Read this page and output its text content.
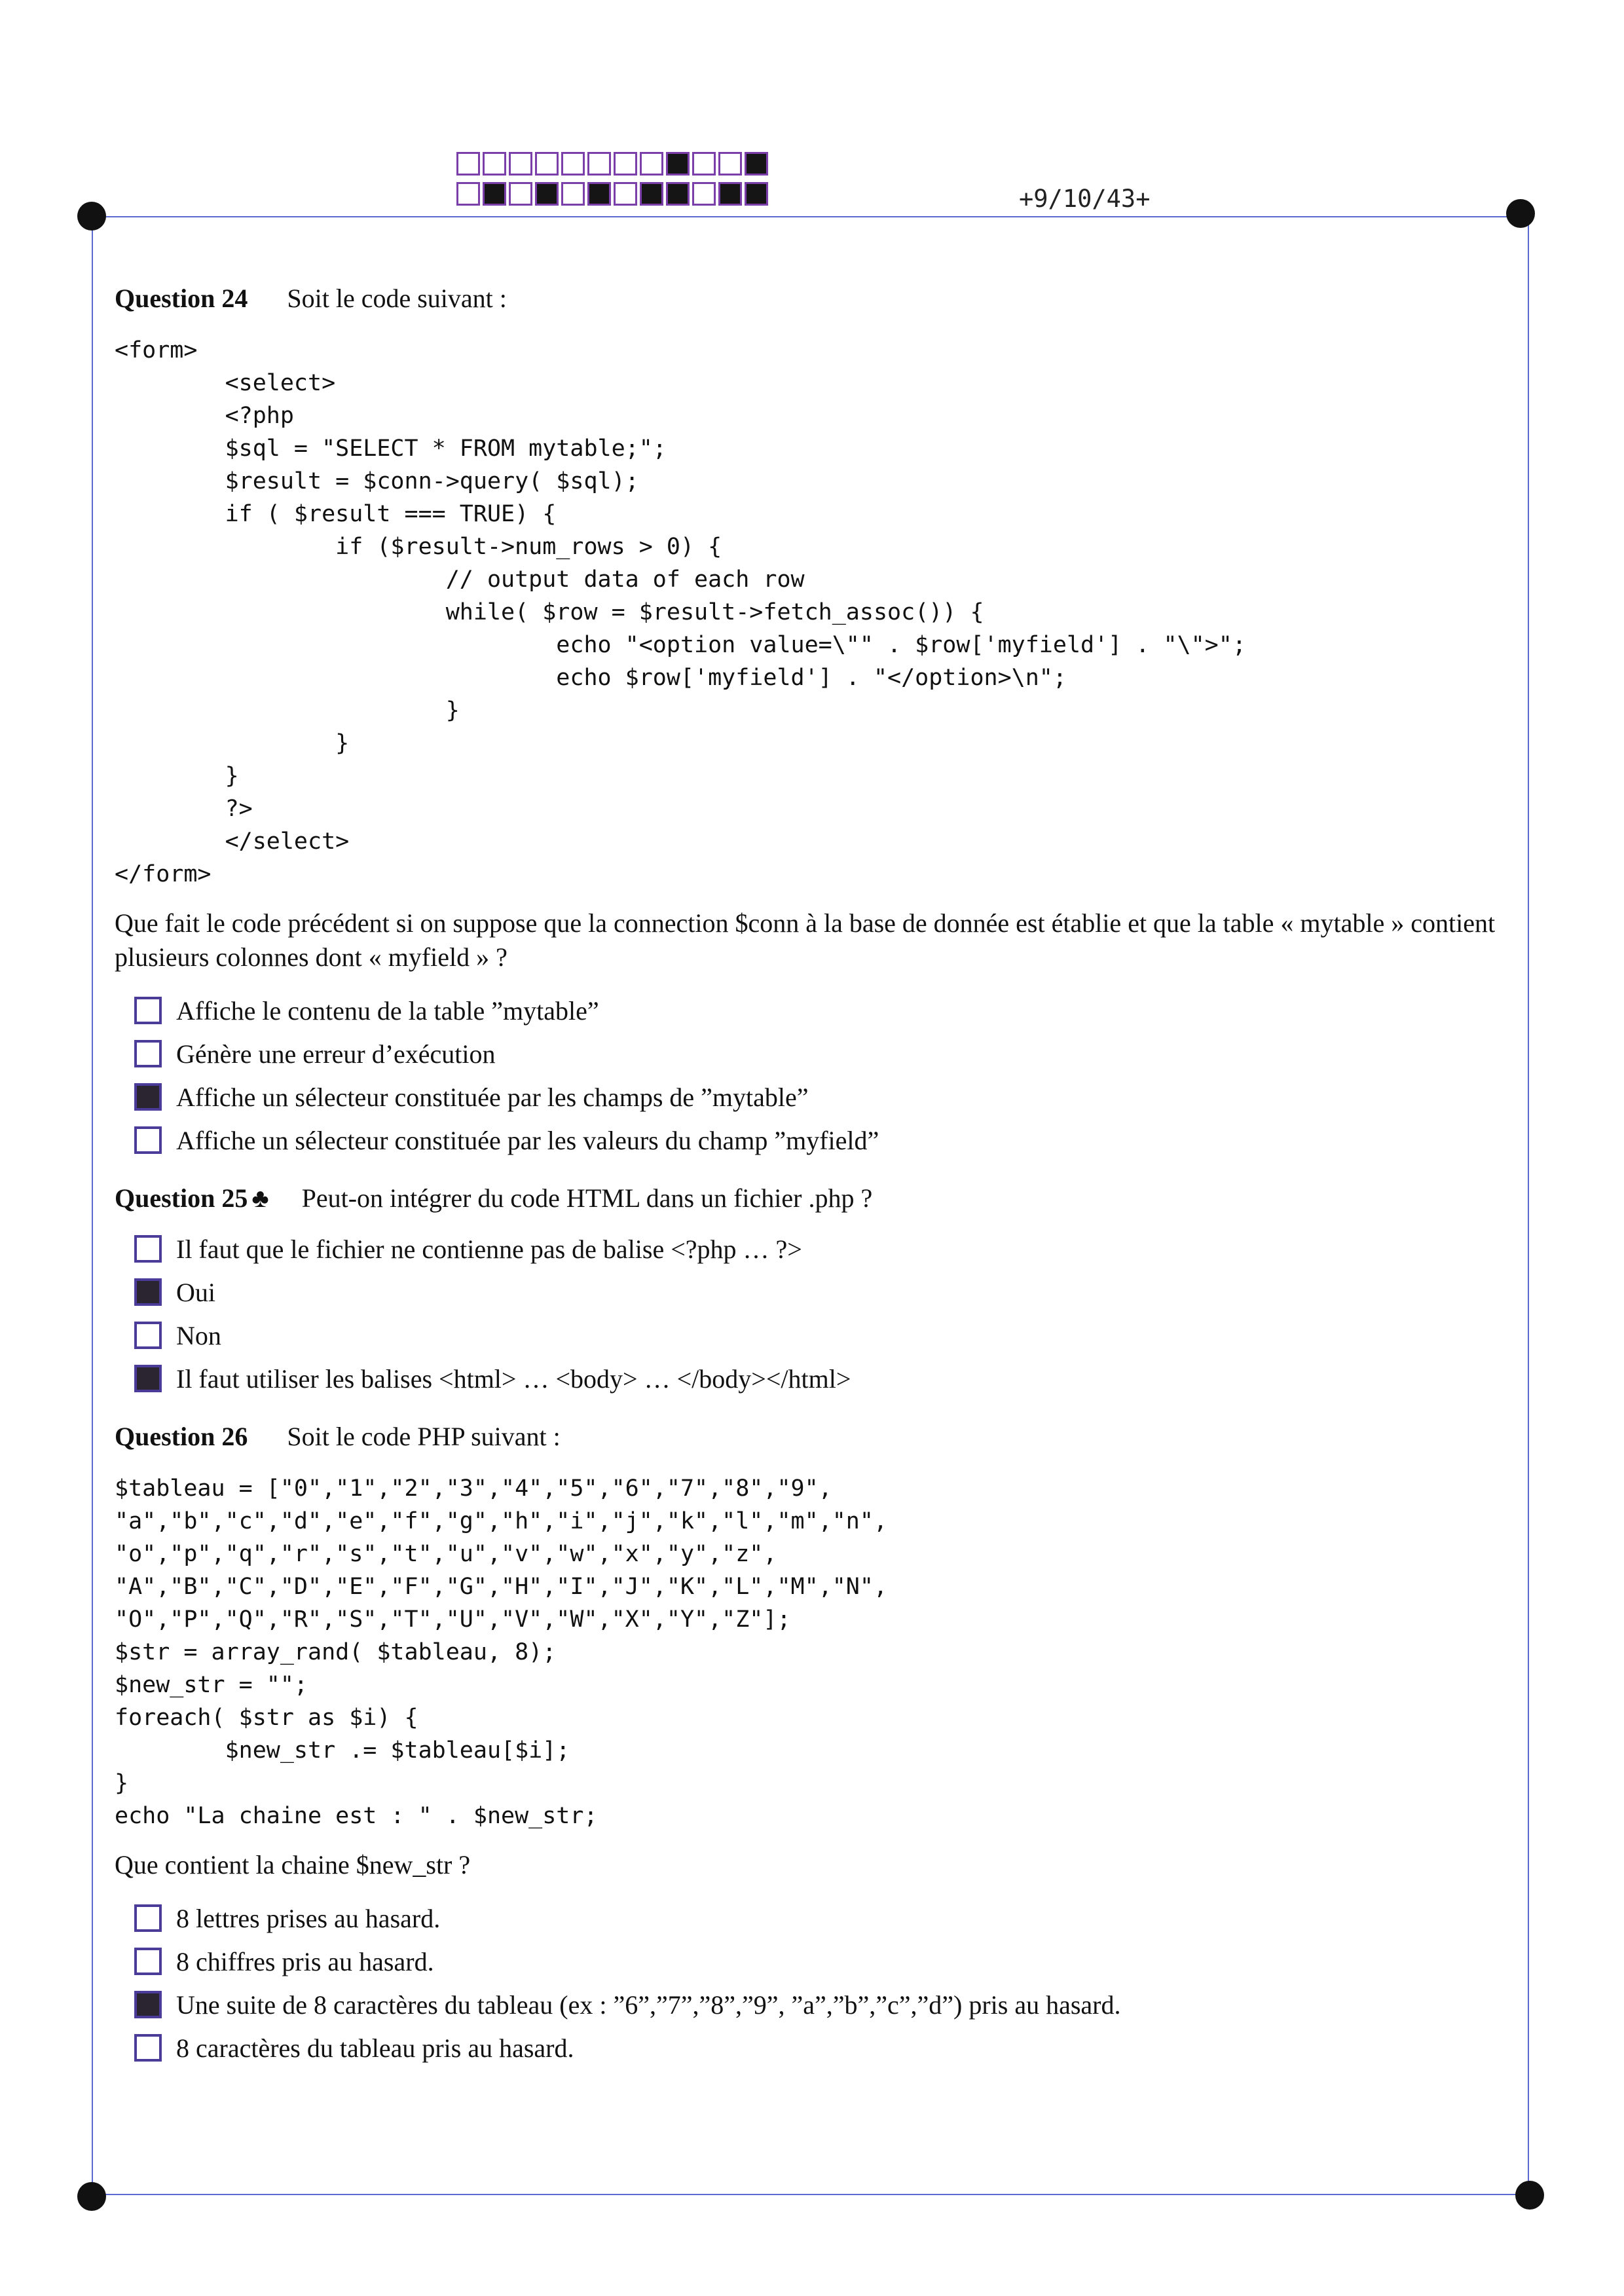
+9/10/43+

Question 24 Soit le code suivant :

<form>
<select>
<?php
$sql = "SELECT * FROM mytable;";
$result = $conn->query( $sql);
if ( $result === TRUE) {
if ($result->num_rows > 0) {
// output data of each row
while( $row = $result->fetch_assoc()) {
echo "<option value=\"" . $row['myfield'] . "\">";
echo $row['myfield'] . "</option>\n";
}
}
}
?>
</select>
</form>

Que fait le code précédent si on suppose que la connection $conn à la base de donnée est établie et que la table « mytable » contient plusieurs colonnes dont « myfield » ?

Affiche le contenu de la table ”mytable”
Génère une erreur d’exécution
Affiche un sélecteur constituée par les champs de ”mytable”
Affiche un sélecteur constituée par les valeurs du champ ”myfield”

Question 25 ♣ Peut-on intégrer du code HTML dans un fichier .php ?

Il faut que le fichier ne contienne pas de balise <?php … ?>
Oui
Non
Il faut utiliser les balises <html> … <body> … </body></html>

Question 26 Soit le code PHP suivant :

$tableau = ["0","1","2","3","4","5","6","7","8","9",
"a","b","c","d","e","f","g","h","i","j","k","l","m","n",
"o","p","q","r","s","t","u","v","w","x","y","z",
"A","B","C","D","E","F","G","H","I","J","K","L","M","N",
"O","P","Q","R","S","T","U","V","W","X","Y","Z"];
$str = array_rand( $tableau, 8);
$new_str = "";
foreach( $str as $i) {
$new_str .= $tableau[$i];
}
echo "La chaine est : " . $new_str;

Que contient la chaine $new_str ?

8 lettres prises au hasard.
8 chiffres pris au hasard.
Une suite de 8 caractères du tableau (ex : ”6”,”7”,”8”,”9”, ”a”,”b”,”c”,”d”) pris au hasard.
8 caractères du tableau pris au hasard.
